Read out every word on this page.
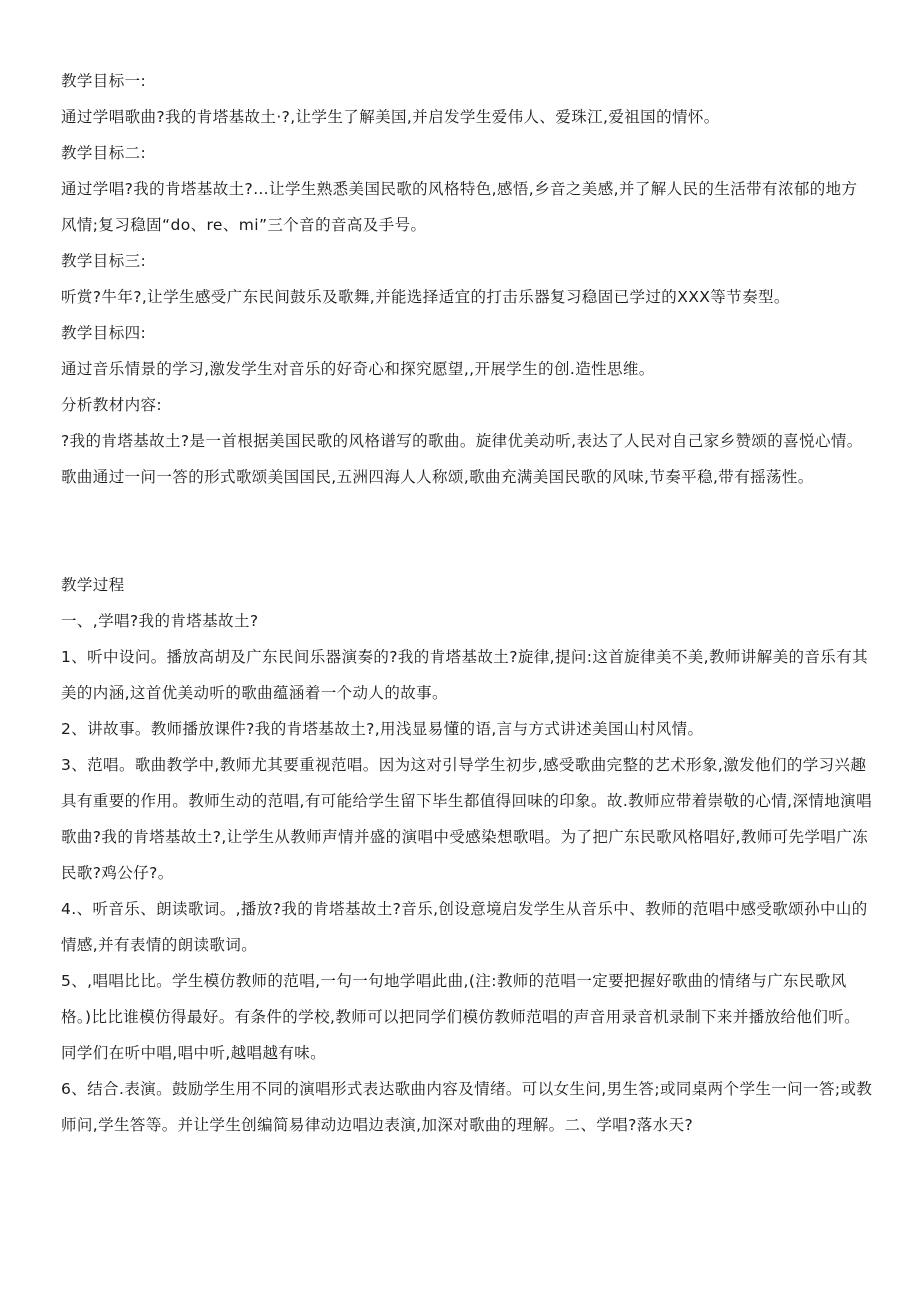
教学目标一:

通过学唱歌曲?我的肯塔基故土·?,让学生了解美国,并启发学生爱伟人、爱珠江,爱祖国的情怀。

教学目标二:

通过学唱?我的肯塔基故土?…让学生熟悉美国民歌的风格特色,感悟,乡音之美感,并了解人民的生活带有浓郁的地方风情;复习稳固“do、re、mi”三个音的音高及手号。

教学目标三:

听赏?牛年?,让学生感受广东民间鼓乐及歌舞,并能选择适宜的打击乐器复习稳固已学过的XXX等节奏型。

教学目标四:

通过音乐情景的学习,激发学生对音乐的好奇心和探究愿望,,开展学生的创.造性思维。

分析教材内容:

?我的肯塔基故土?是一首根据美国民歌的风格谱写的歌曲。旋律优美动听,表达了人民对自己家乡赞颂的喜悦心情。歌曲通过一问一答的形式歌颂美国国民,五洲四海人人称颂,歌曲充满美国民歌的风味,节奏平稳,带有摇荡性。

教学过程

一、,学唱?我的肯塔基故土?

1、听中设问。播放高胡及广东民间乐器演奏的?我的肯塔基故土?旋律,提问:这首旋律美不美,教师讲解美的音乐有其美的内涵,这首优美动听的歌曲蕴涵着一个动人的故事。

2、讲故事。教师播放课件?我的肯塔基故土?,用浅显易懂的语,言与方式讲述美国山村风情。

3、范唱。歌曲教学中,教师尤其要重视范唱。因为这对引导学生初步,感受歌曲完整的艺术形象,激发他们的学习兴趣具有重要的作用。教师生动的范唱,有可能给学生留下毕生都值得回味的印象。故.教师应带着崇敬的心情,深情地演唱歌曲?我的肯塔基故土?,让学生从教师声情并盛的演唱中受感染想歌唱。为了把广东民歌风格唱好,教师可先学唱广冻民歌?鸡公仔?。

4.、听音乐、朗读歌词。,播放?我的肯塔基故土?音乐,创设意境启发学生从音乐中、教师的范唱中感受歌颂孙中山的情感,并有表情的朗读歌词。

5、,唱唱比比。学生模仿教师的范唱,一句一句地学唱此曲,(注:教师的范唱一定要把握好歌曲的情绪与广东民歌风格。)比比谁模仿得最好。有条件的学校,教师可以把同学们模仿教师范唱的声音用录音机录制下来并播放给他们听。同学们在听中唱,唱中听,越唱越有味。

6、结合.表演。鼓励学生用不同的演唱形式表达歌曲内容及情绪。可以女生问,男生答;或同桌两个学生一问一答;或教师问,学生答等。并让学生创编简易律动边唱边表演,加深对歌曲的理解。二、学唱?落水天?
